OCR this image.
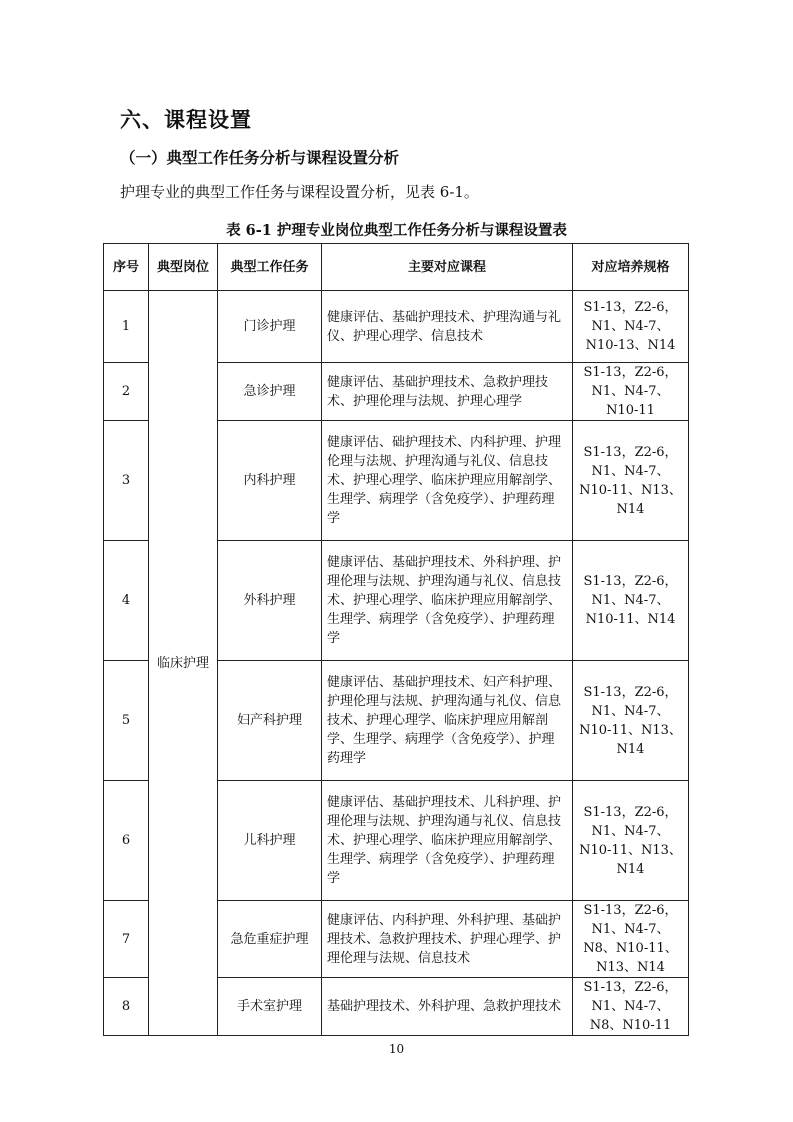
六、课程设置
（一）典型工作任务分析与课程设置分析
护理专业的典型工作任务与课程设置分析，见表 6-1。
表 6-1 护理专业岗位典型工作任务分析与课程设置表
序号	典型岗位	典型工作任务	主要对应课程	对应培养规格
1	临床护理	门诊护理	健康评估、基础护理技术、护理沟通与礼仪、护理心理学、信息技术	S1-13，Z2-6，N1、N4-7、N10-13、N14
2		急诊护理	健康评估、基础护理技术、急救护理技术、护理伦理与法规、护理心理学	S1-13，Z2-6，N1、N4-7、N10-11
3		内科护理	健康评估、础护理技术、内科护理、护理伦理与法规、护理沟通与礼仪、信息技术、护理心理学、临床护理应用解剖学、生理学、病理学（含免疫学）、护理药理学	S1-13，Z2-6，N1、N4-7、N10-11、N13、N14
4		外科护理	健康评估、基础护理技术、外科护理、护理伦理与法规、护理沟通与礼仪、信息技术、护理心理学、临床护理应用解剖学、生理学、病理学（含免疫学）、护理药理学	S1-13，Z2-6，N1、N4-7、N10-11、N14
5		妇产科护理	健康评估、基础护理技术、妇产科护理、护理伦理与法规、护理沟通与礼仪、信息技术、护理心理学、临床护理应用解剖学、生理学、病理学（含免疫学）、护理药理学	S1-13，Z2-6，N1、N4-7、N10-11、N13、N14
6		儿科护理	健康评估、基础护理技术、儿科护理、护理伦理与法规、护理沟通与礼仪、信息技术、护理心理学、临床护理应用解剖学、生理学、病理学（含免疫学）、护理药理学	S1-13，Z2-6，N1、N4-7、N10-11、N13、N14
7		急危重症护理	健康评估、内科护理、外科护理、基础护理技术、急救护理技术、护理心理学、护理伦理与法规、信息技术	S1-13，Z2-6，N1、N4-7、N8、N10-11、N13、N14
8		手术室护理	基础护理技术、外科护理、急救护理技术	S1-13，Z2-6，N1、N4-7、N8、N10-11
10
